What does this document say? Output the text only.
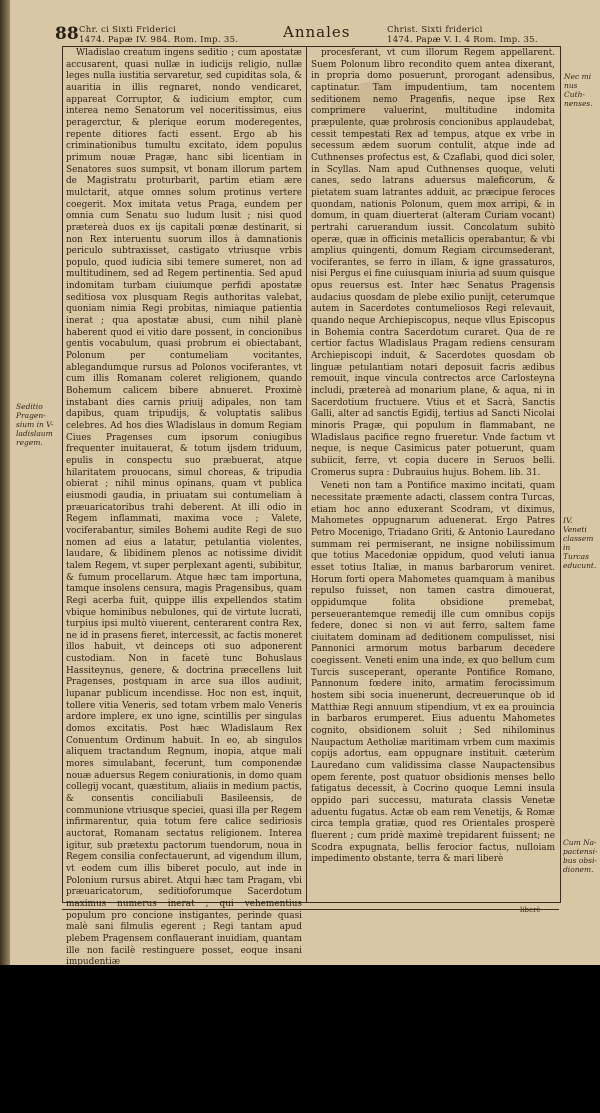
88 Chr. ci Sixti Friderici
1474. Papæ IV. 984. Rom. Imp. 35.	Annales	Christ. Sixti friderici
1474. Papæ V. I. 4 Rom. Imp. 35.

Wladislao creatum ingens seditio ; cum apostatæ accusarent, quasi nullæ in iudicijs religio, nullæ leges nulla iustitia servaretur, sed cupiditas sola, & auaritia in illis regnaret, nondo vendicaret, appareat Corruptor, & iudicium emptor, cum interea nemo Senatorum vel noceritissimus, eius peragerctur, & plerique eorum moderegentes, repente ditiores facti essent. Ergo ab his criminationibus tumultu excitato, idem populus primum nouæ Pragæ, hanc sibi licentiam in Senatores suos sumpsit, vt bonam illorum partem de Magistratu proturbarit, partim etiam ære mulctarit, atque omnes solum protinus vertere coegerit. Mox imitata vetus Praga, eundem per omnia cum Senatu suo ludum lusit ; nisi quod prætereà duos ex ijs capitali pœnæ destinarit, si non Rex interuentu suorum illos à damnationis periculo subtraxisset, castigato vtriusque vrbis populo, quod iudicia sibi temere sumeret, non ad multitudinem, sed ad Regem pertinentia. Sed apud indomitam turbam ciuiumque perfidi apostatæ seditiosa vox plusquam Regis authoritas valebat, quoniam nimia Regi probitas, nimiaque patientia inerat ; qua apostatæ abusi, cum nihil planè haberent quod ei vitio dare possent, in concionibus gentis vocabulum, quasi probrum ei obiectabant, Polonum per contumeliam vocitantes, ablegandumque rursus ad Polonos vociferantes, vt cum illis Romanam coleret religionem, quando Bohemum calicem bibere abnueret. Proximè instabant dies carnis priuij adipales, non tam dapibus, quam tripudijs, & voluptatis salibus celebres. Ad hos dies Wladislaus in domum Regiam Ciues Pragenses cum ipsorum coniugibus frequenter inuitauerat, & totum ijsdem triduum, epulis in conspectu suo præbuerat, atque hilaritatem prouocans, simul choreas, & tripudia obierat ; nihil minus opinans, quam vt publica eiusmodi gaudia, in priuatam sui contumeliam à præuaricatoribus trahi deberent. At illi odio in Regem inflammati, maxima voce ; Valete, vociferabantur, similes Bohemi audite Regi de suo nomen ad eius a latatur, petulantia violentes, laudare, & libidinem plenos ac notissime dividit talem Regem, vt super perplexant agenti, subibitur, & fumum procellarum. Atque hæc tam importuna, tamque insolens censura, magis Pragensibus, quam Regi acerba fuit, quippe illis expellendos statim vbique hominibus nebulones, qui de virtute lucrati, turpius ipsi multò viuerent, centerarent contra Rex, ne id in prasens fieret, intercessit, ac factis moneret illos habuit, vt deinceps oti suo adponerent custodiam. Non in facetè tunc Bohuslaus Hassiteynus, genere, & doctrina præcellens luit Pragenses, postquam in arce sua illos audiuit, lupanar publicum incendisse. Hoc non est, inquit, tollere vitia Veneris, sed totam vrbem malo Veneris ardore implere, ex uno igne, scintillis per singulas domos excitatis. Post hæc Wladislaum Rex Conuentum Ordinum habuit. In eo, ab singulos aliquem tractandum Regnum, inopia, atque mali mores simulabant, fecerunt, tum componendæ nouæ aduersus Regem coniurationis, in domo quam collegij vocant, quæstitum, aliaiis in medium pactis, & consentis conciliabuli Basileensis, de communione vtriusque speciei, quasi illa per Regem infirmarentur, quia totum fere calice sediriosis auctorat, Romanam sectatus religionem. Interea igitur, sub prætextu pactorum tuendorum, noua in Regem consilia confectauerunt, ad vigendum illum, vt eodem cum illis biberet poculo, aut inde in Polonium rursus abiret. Atqui hæc tam Pragam, vbi præuaricatorum, seditioforumque Sacerdotum maximus numerus inerat ; qui vehementius populum pro concione instigantes, perinde quasi malè sani filmulis egerent ; Regi tantam apud plebem Pragensem conflauerant inuidiam, quantam ille non facilè restinguere posset, eoque insani impudentiæ

procesferant, vt cum illorum Regem appellarent. Suem Polonum libro recondito quem antea dixerant, in propria domo posuerunt, prorogant adensibus, captinatur. Tam impudentium, tam nocentem seditionem nemo Pragenfis, neque ipse Rex comprimere valuerint, multitudine indomita præpulente, quæ probrosis concionibus applaudebat, cessit tempestati Rex ad tempus, atque ex vrbe in secessum ædem suorum contulit, atque inde ad Cuthnenses profectus est, & Czaflabi, quod dici soler, in Scyllas. Nam apud Cuthnenses quoque, veluti canes, sedo latrans aduersus maleficorum, & pietatem suam latrantes adduit, ac præcipue feroces quondam, nationis Polonum, quem mox arripi, & in domum, in quam diuerterat (alteram Curiam vocant) pertrahi caruerandum iussit. Concolatum subitò operæ, quæ in officinis metallicis operabantur, & vbi amplius quingenti, domum Regiam circumsederant, vociferantes, se ferro in illam, & igne grassaturos, nisi Pergus ei fine cuiusquam iniuria ad suum quisque opus reuersus est. Inter hæc Senatus Pragensis audacius quosdam de plebe exilio punijt, ceterumque autem in Sacerdotes contumeliosos Regi relevauit, quando neque Archiepiscopus, neque vllus Episcopus in Bohemia contra Sacerdotum curaret. Qua de re certior factus Wladislaus Pragam rediens censuram Archiepiscopi induit, & Sacerdotes quosdam ob linguæ petulantiam notari deposuit facris ædibus remouit, inque vincula contrectos arce Carlosteyna includi, prætereà ad monarium plane, & aqua, ni in Sacerdotium fructuere. Vtius et et Sacrà, Sanctis Galli, alter ad sanctis Egidij, tertius ad Sancti Nicolai minoris Pragæ, qui populum in flammabant, ne Wladislaus pacifice regno frueretur. Vnde factum vt neque, is neque Casimicus pater potuerunt, quam subiicit, ferre, vt copia ducere in Seruos belli. Cromerus supra : Dubrauius hujus. Bohem. lib. 31.

Veneti non tam a Pontifice maximo incitati, quam necessitate præmente adacti, classem contra Turcas, etiam hoc anno eduxerant Scodram, vt diximus, Mahometes oppugnarum aduenerat. Ergo Patres Petro Mocenigo, Triadano Griti, & Antonio Lauredano summam rei permiserant, ne insigne nobilissimum que totius Macedoniæ oppidum, quod veluti ianua esset totius Italiæ, in manus barbarorum veniret. Horum forti opera Mahometes quamquam à manibus repulso fuisset, non tamen castra dimouerat, oppidumque folita obsidione premebat, perseuerantemque remedij ille cum omnibus copijs federe, donec si non vi aut ferro, saltem fame ciuitatem dominam ad deditionem compulisset, nisi Pannonici armorum motus barbarum decedere coegissent. Veneti enim una inde, ex quo bellum cum Turcis susceperant, operante Pontifice Romano, Pannonum fœdere inito, armatim ferocissimum hostem sibi socia inuenerunt, decreuerunque ob id Matthiæ Regi annuum stipendium, vt ex ea prouincia in barbaros erumperet. Eius aduentu Mahometes cognito, obsidionem soluit ; Sed nihilominus Naupactum Aetholiæ maritimam vrbem cum maximis copijs adortus, eam oppugnare instituit. cæterùm Lauredano cum validissima classe Naupactensibus opem ferente, post quatuor obsidionis menses bello fatigatus decessit, à Cocrino quoque Lemni insula oppido pari successu, maturata classis Venetæ aduentu fugatus. Actæ ob eam rem Venetijs, & Romæ circa templa gratiæ, quod res Orientales prosperè fluerent ; cum pridè maximè trepidarent fuissent; ne Scodra expugnata, bellis ferocior factus, nulloiam impedimento obstante, terra & mari liberè

Nec mi nus Cuth-nenses.
Seditio Pragen-sium in V-ladislaum regem.
IV. Veneti classem in Turcas educunt.
Cum Na-pactensi-bus obsi-dionem.
liberè
